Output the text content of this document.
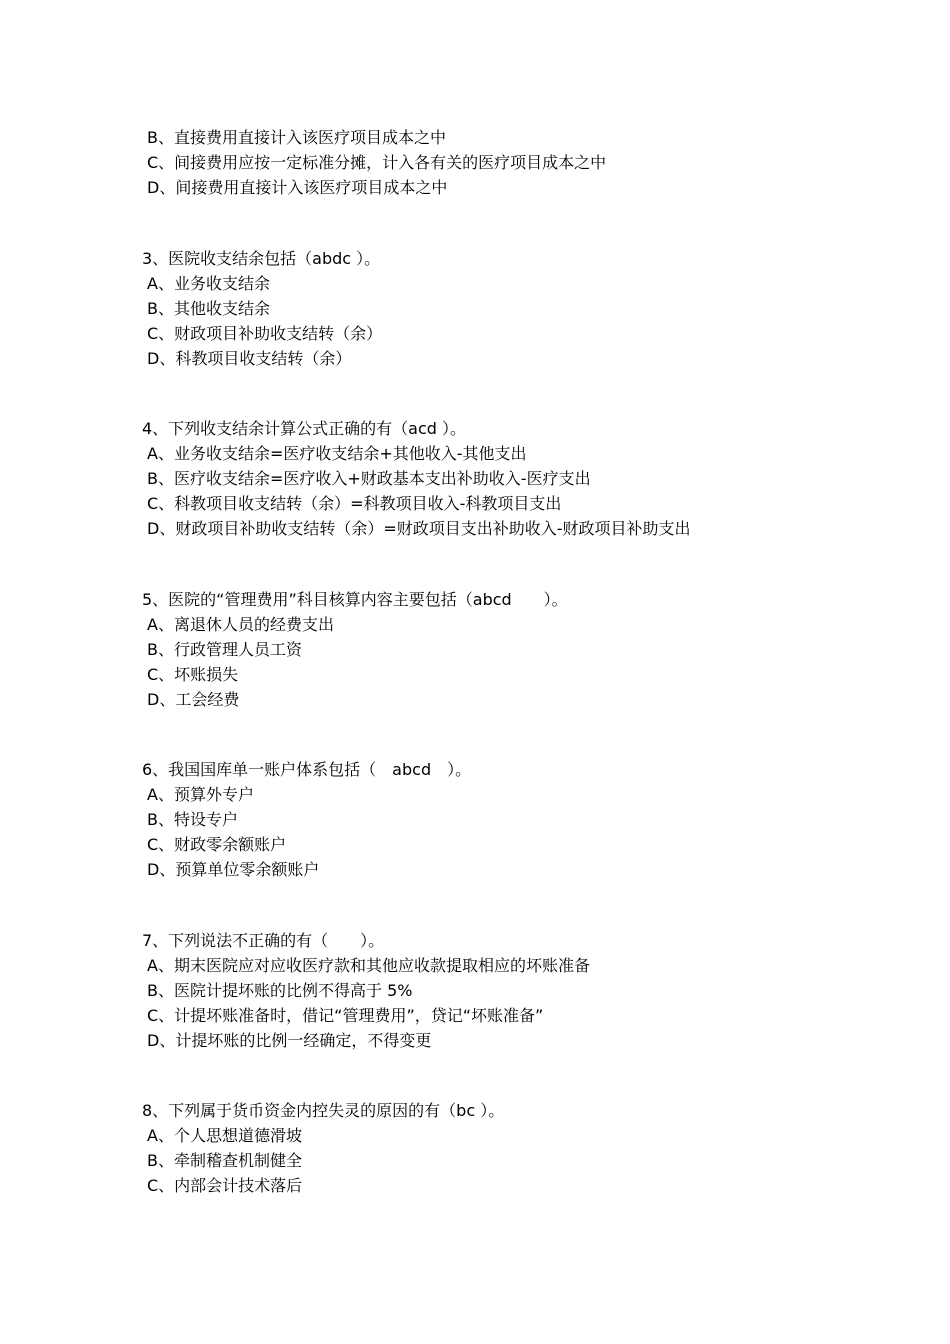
B、直接费用直接计入该医疗项目成本之中
C、间接费用应按一定标准分摊，计入各有关的医疗项目成本之中
D、间接费用直接计入该医疗项目成本之中
3、医院收支结余包括（abdc ）。
A、业务收支结余
B、其他收支结余
C、财政项目补助收支结转（余）
D、科教项目收支结转（余）
4、下列收支结余计算公式正确的有（acd ）。
A、业务收支结余=医疗收支结余+其他收入-其他支出
B、医疗收支结余=医疗收入+财政基本支出补助收入-医疗支出
C、科教项目收支结转（余）=科教项目收入-科教项目支出
D、财政项目补助收支结转（余）=财政项目支出补助收入-财政项目补助支出
5、医院的“管理费用”科目核算内容主要包括（abcd　　）。
A、离退休人员的经费支出
B、行政管理人员工资
C、坏账损失
D、工会经费
6、我国国库单一账户体系包括（　abcd　）。
A、预算外专户
B、特设专户
C、财政零余额账户
D、预算单位零余额账户
7、下列说法不正确的有（　　）。
A、期末医院应对应收医疗款和其他应收款提取相应的坏账准备
B、医院计提坏账的比例不得高于 5%
C、计提坏账准备时，借记“管理费用”，贷记“坏账准备”
D、计提坏账的比例一经确定，不得变更
8、下列属于货币资金内控失灵的原因的有（bc ）。
A、个人思想道德滑坡
B、牵制稽查机制健全
C、内部会计技术落后
